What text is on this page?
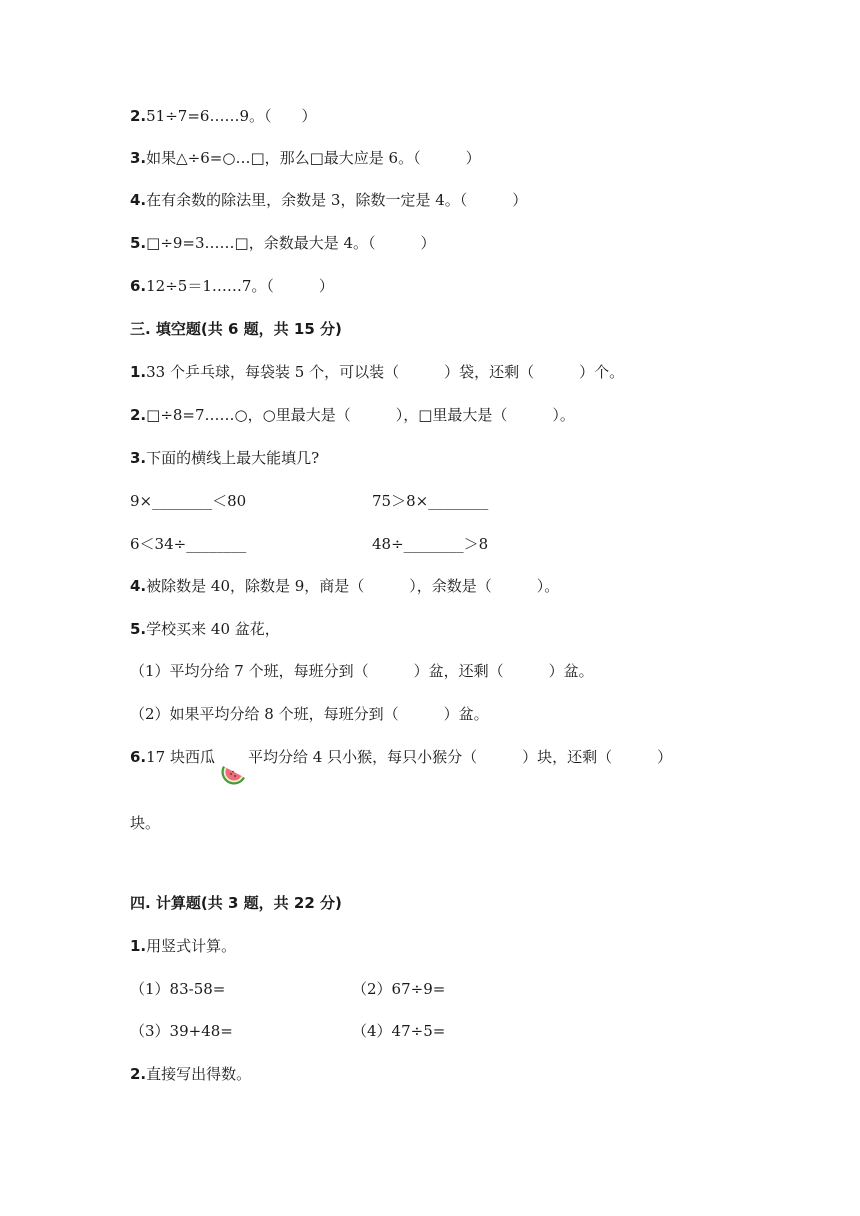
2.51÷7=6……9。（　　）
3.如果△÷6=○…□，那么□最大应是 6。（　　　）
4.在有余数的除法里，余数是 3，除数一定是 4。（　　　）
5.□÷9=3……□，余数最大是 4。（　　　）
6.12÷5＝1……7。（　　　）
三. 填空题(共 6 题，共 15 分)
1.33 个乒乓球，每袋装 5 个，可以装（　　　）袋，还剩（　　　）个。
2.□÷8=7……○，○里最大是（　　　），□里最大是（　　　）。
3.下面的横线上最大能填几?
9×________＜80	75＞8×________
6＜34÷________	48÷________＞8
4.被除数是 40，除数是 9，商是（　　　），余数是（　　　）。
5.学校买来 40 盆花，
（1）平均分给 7 个班，每班分到（　　　）盆，还剩（　　　）盆。
（2）如果平均分给 8 个班，每班分到（　　　）盆。
6.17 块西瓜 平均分给 4 只小猴，每只小猴分（　　　）块，还剩（　　　）
块。
四. 计算题(共 3 题，共 22 分)
1.用竖式计算。
（1）83-58=	（2）67÷9=
（3）39+48=	（4）47÷5=
2.直接写出得数。
